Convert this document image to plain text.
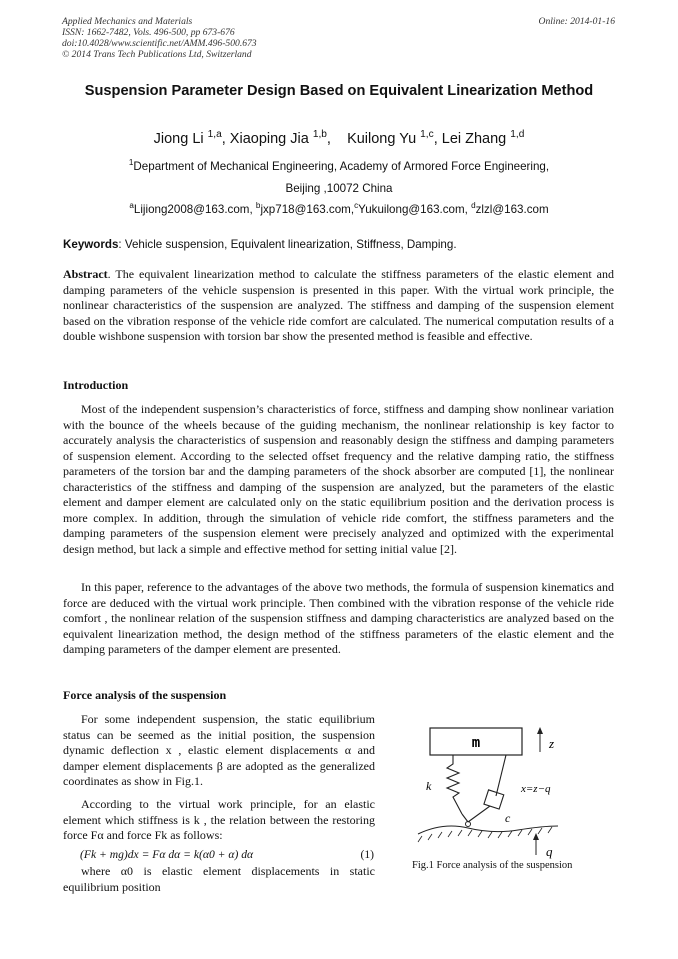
Applied Mechanics and Materials
ISSN: 1662-7482, Vols. 496-500, pp 673-676
doi:10.4028/www.scientific.net/AMM.496-500.673
© 2014 Trans Tech Publications Ltd, Switzerland
Online: 2014-01-16
Suspension Parameter Design Based on Equivalent Linearization Method
Jiong Li $^{1,a}$, Xiaoping Jia $^{1,b}$,    Kuilong Yu $^{1,c}$, Lei Zhang $^{1,d}$
$^1$Department of Mechanical Engineering, Academy of Armored Force Engineering,
Beijing ,10072 China
$^a$Lijiong2008@163.com, $^b$jxp718@163.com,$^c$Yukuilong@163.com, $^d$zlzl@163.com
Keywords: Vehicle suspension, Equivalent linearization, Stiffness, Damping.
Abstract. The equivalent linearization method to calculate the stiffness parameters of the elastic element and damping parameters of the vehicle suspension is presented in this paper. With the virtual work principle, the nonlinear characteristics of the suspension are analyzed. The stiffness and damping of the suspension element based on the vibration response of the vehicle ride comfort are calculated. The numerical computation results of a double wishbone suspension with torsion bar show the presented method is feasible and effective.
Introduction
Most of the independent suspension’s characteristics of force, stiffness and damping show nonlinear variation with the bounce of the wheels because of the guiding mechanism, the nonlinear relationship is key factor to accurately analysis the characteristics of suspension and reasonably design the stiffness and damping parameters of suspension element. According to the selected offset frequency and the relative damping ratio, the stiffness parameters of the torsion bar and the damping parameters of the shock absorber are computed [1], the nonlinear characteristics of the stiffness and damping of the suspension are analyzed, but the parameters of the elastic element and damper element are calculated only on the static equilibrium position and the derivation process is more complex. In addition, through the simulation of vehicle ride comfort, the stiffness parameters and the damping parameters of the suspension element were precisely analyzed and optimized with the experimental design method, but lack a simple and effective method for setting initial value [2].
In this paper, reference to the advantages of the above two methods, the formula of suspension kinematics and force are deduced with the virtual work principle. Then combined with the vibration response of the vehicle ride comfort , the nonlinear relation of the suspension stiffness and damping characteristics are analyzed based on the equivalent linearization method, the design method of the stiffness parameters of the elastic element and the damping parameters of the damper element are presented.
Force analysis of the suspension
For some independent suspension, the static equilibrium status can be seemed as the initial position, the suspension dynamic deflection x , elastic element displacements α and damper element displacements β are adopted as the generalized coordinates as show in Fig.1.
According to the virtual work principle, for an elastic element which stiffness is k , the relation between the restoring force Fα and force Fk as follows:
(Fk + mg)dx = Fα dα = k(α0 + α) dα	(1)
where α0 is elastic element displacements in static equilibrium position
m	z
k
c
x=z−q
q
Fig.1 Force analysis of the suspension
